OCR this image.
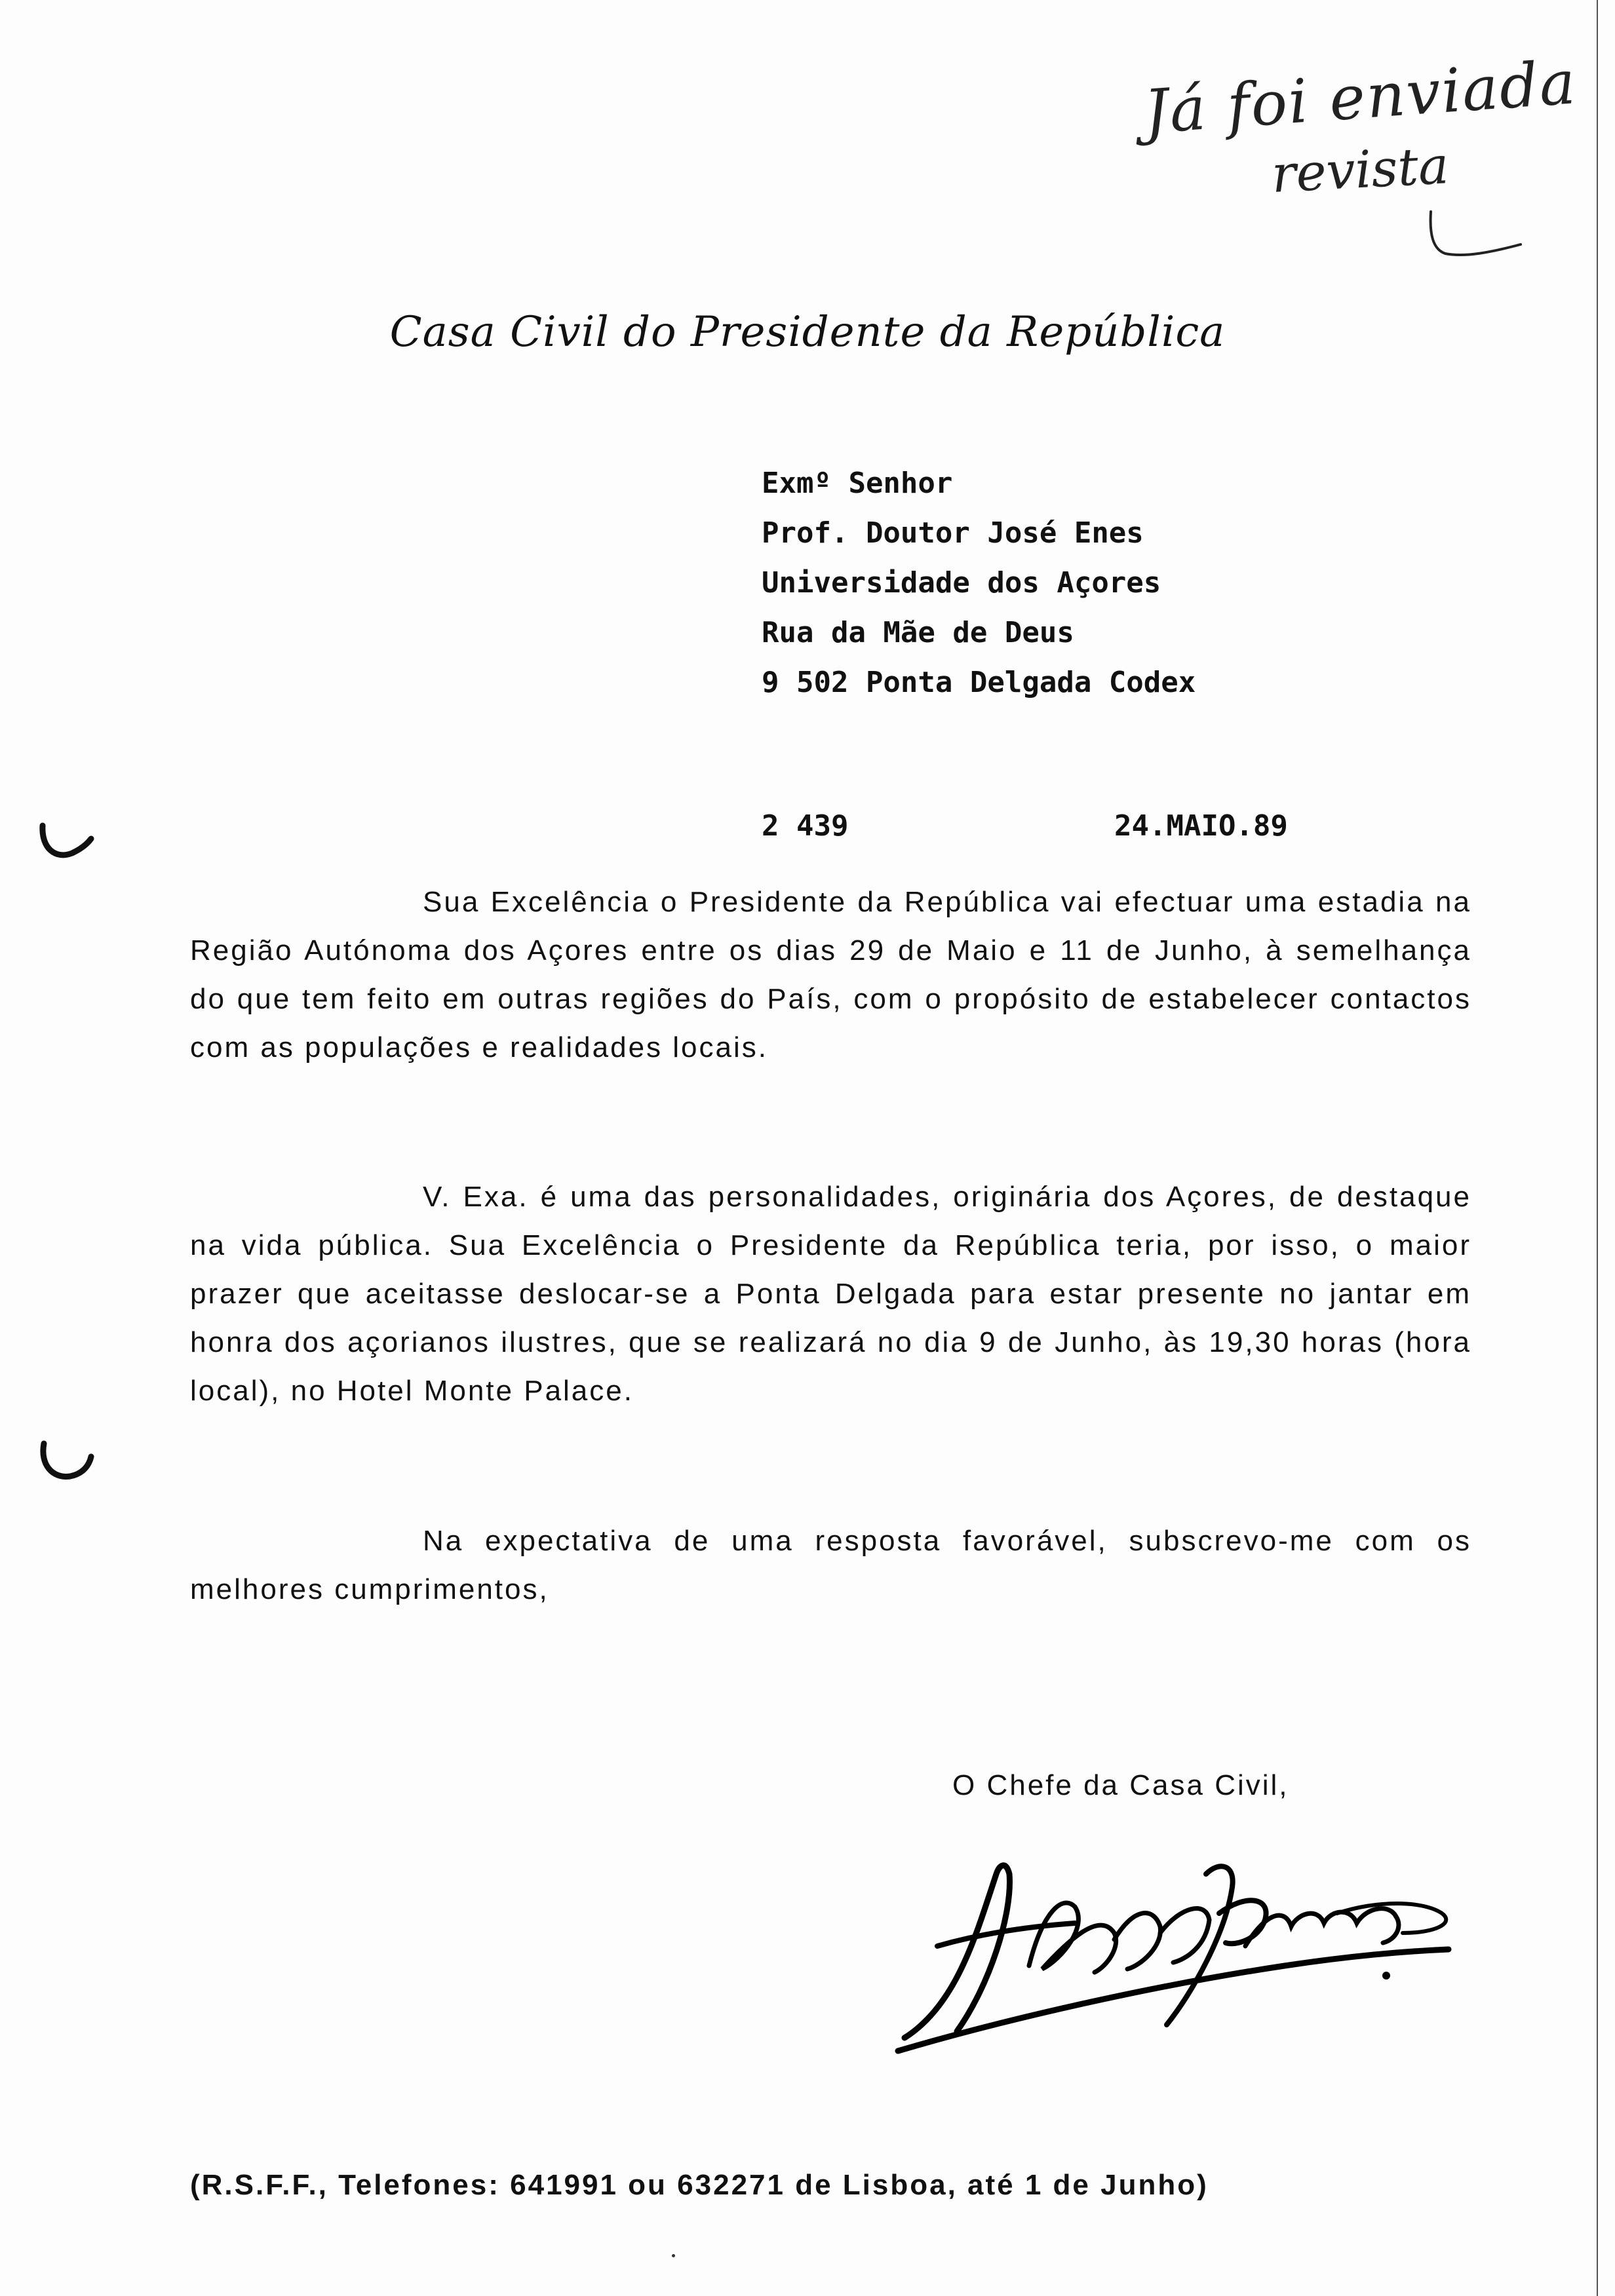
Já foi enviada
revista
Casa Civil do Presidente da República
Exmº Senhor
Prof. Doutor José Enes
Universidade dos Açores
Rua da Mãe de Deus
9 502 Ponta Delgada Codex
2 439	24.MAIO.89
Sua Excelência o Presidente da República vai efectuar uma estadia na Região Autónoma dos Açores entre os dias 29 de Maio e 11 de Junho, à semelhança do que tem feito em outras regiões do País, com o propósito de estabelecer contactos com as populações e realidades locais.
V. Exa. é uma das personalidades, originária dos Açores, de destaque na vida pública. Sua Excelência o Presidente da República teria, por isso, o maior prazer que aceitasse deslocar-se a Ponta Delgada para estar presente no jantar em honra dos açorianos ilustres, que se realizará no dia 9 de Junho, às 19,30 horas (hora local), no Hotel Monte Palace.
Na expectativa de uma resposta favorável, subscrevo-me com os melhores cumprimentos,
O Chefe da Casa Civil,
(R.S.F.F., Telefones: 641991 ou 632271 de Lisboa, até 1 de Junho)
